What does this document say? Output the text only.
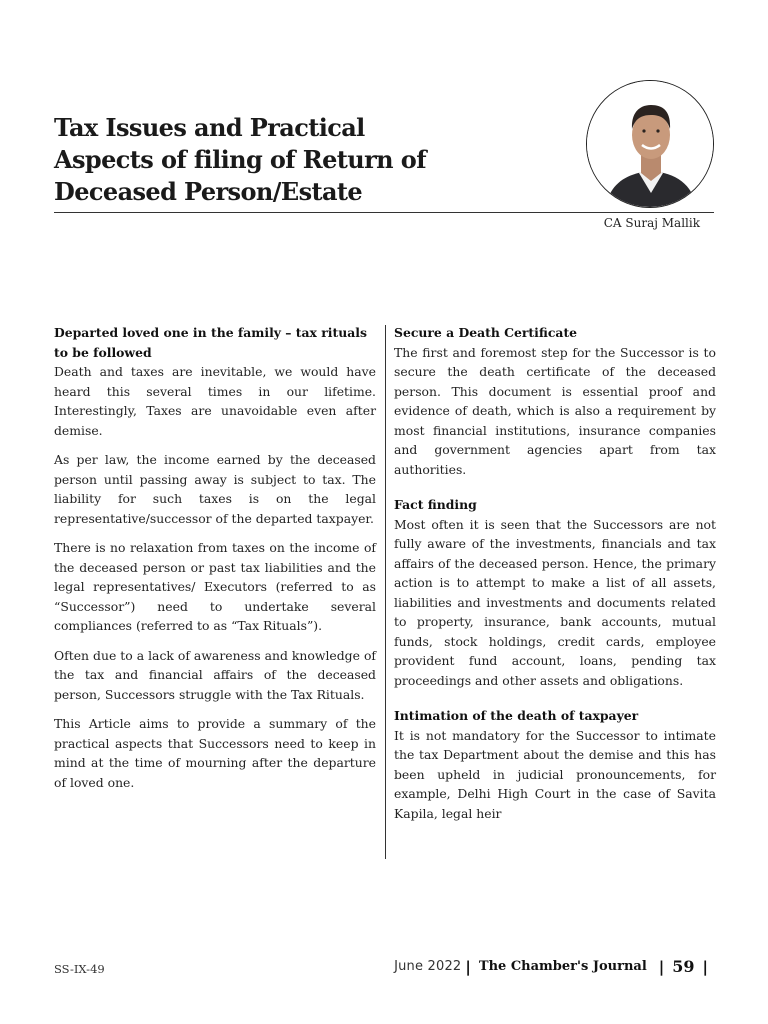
Tax Issues and Practical
Aspects of filing of Return of
Deceased Person/Estate
CA Suraj Mallik
Departed loved one in the family – tax rituals to be followed

Death and taxes are inevitable, we would have heard this several times in our lifetime. Interestingly, Taxes are unavoidable even after demise.

As per law, the income earned by the deceased person until passing away is subject to tax. The liability for such taxes is on the legal representative/successor of the departed taxpayer.

There is no relaxation from taxes on the income of the deceased person or past tax liabilities and the legal representatives/ Executors (referred to as “Successor”) need to undertake several compliances (referred to as “Tax Rituals”).

Often due to a lack of awareness and knowledge of the tax and financial affairs of the deceased person, Successors struggle with the Tax Rituals.

This Article aims to provide a summary of the practical aspects that Successors need to keep in mind at the time of mourning after the departure of loved one.

Secure a Death Certificate

The first and foremost step for the Successor is to secure the death certificate of the deceased person. This document is essential proof and evidence of death, which is also a requirement by most financial institutions, insurance companies and government agencies apart from tax authorities.

Fact finding

Most often it is seen that the Successors are not fully aware of the investments, financials and tax affairs of the deceased person. Hence, the primary action is to attempt to make a list of all assets, liabilities and investments and documents related to property, insurance, bank accounts, mutual funds, stock holdings, credit cards, employee provident fund account, loans, pending tax proceedings and other assets and obligations.

Intimation of the death of taxpayer

It is not mandatory for the Successor to intimate the tax Department about the demise and this has been upheld in judicial pronouncements, for example, Delhi High Court in the case of Savita Kapila, legal heir

SS-IX-49	June 2022 | The Chamber's Journal | 59 |
